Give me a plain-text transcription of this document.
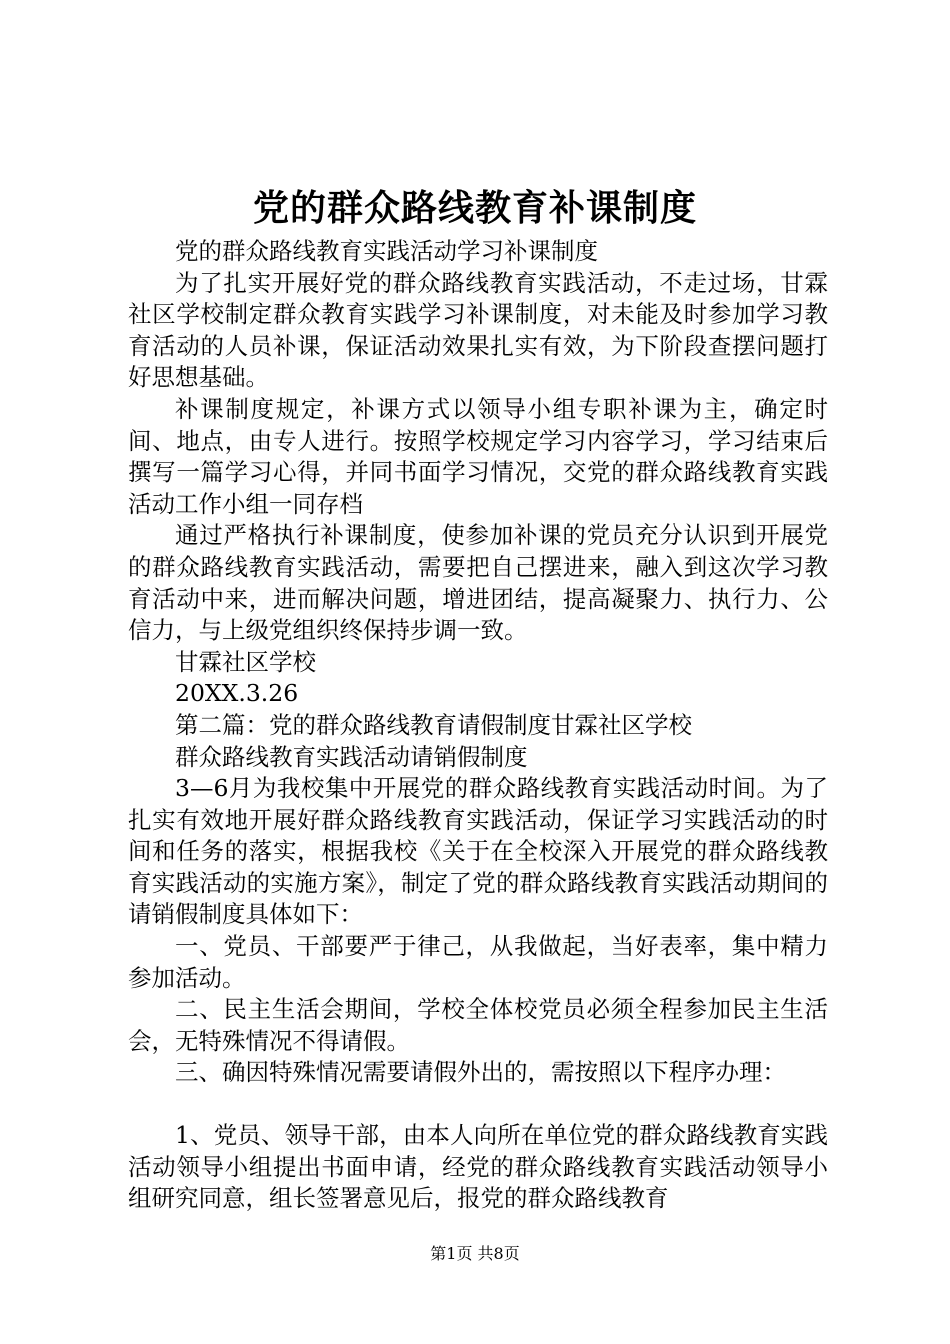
党的群众路线教育补课制度

党的群众路线教育实践活动学习补课制度

为了扎实开展好党的群众路线教育实践活动，不走过场，甘霖社区学校制定群众教育实践学习补课制度，对未能及时参加学习教育活动的人员补课，保证活动效果扎实有效，为下阶段查摆问题打好思想基础。

补课制度规定，补课方式以领导小组专职补课为主，确定时间、地点，由专人进行。按照学校规定学习内容学习，学习结束后撰写一篇学习心得，并同书面学习情况，交党的群众路线教育实践活动工作小组一同存档

通过严格执行补课制度，使参加补课的党员充分认识到开展党的群众路线教育实践活动，需要把自己摆进来，融入到这次学习教育活动中来，进而解决问题，增进团结，提高凝聚力、执行力、公信力，与上级党组织终保持步调一致。

甘霖社区学校

20XX.3.26

第二篇：党的群众路线教育请假制度甘霖社区学校

群众路线教育实践活动请销假制度

3—6月为我校集中开展党的群众路线教育实践活动时间。为了扎实有效地开展好群众路线教育实践活动，保证学习实践活动的时间和任务的落实，根据我校《关于在全校深入开展党的群众路线教育实践活动的实施方案》，制定了党的群众路线教育实践活动期间的请销假制度具体如下：

一、党员、干部要严于律己，从我做起，当好表率，集中精力参加活动。

二、民主生活会期间，学校全体校党员必须全程参加民主生活会，无特殊情况不得请假。

三、确因特殊情况需要请假外出的，需按照以下程序办理：

1、党员、领导干部，由本人向所在单位党的群众路线教育实践活动领导小组提出书面申请，经党的群众路线教育实践活动领导小组研究同意，组长签署意见后，报党的群众路线教育

第1页 共8页
